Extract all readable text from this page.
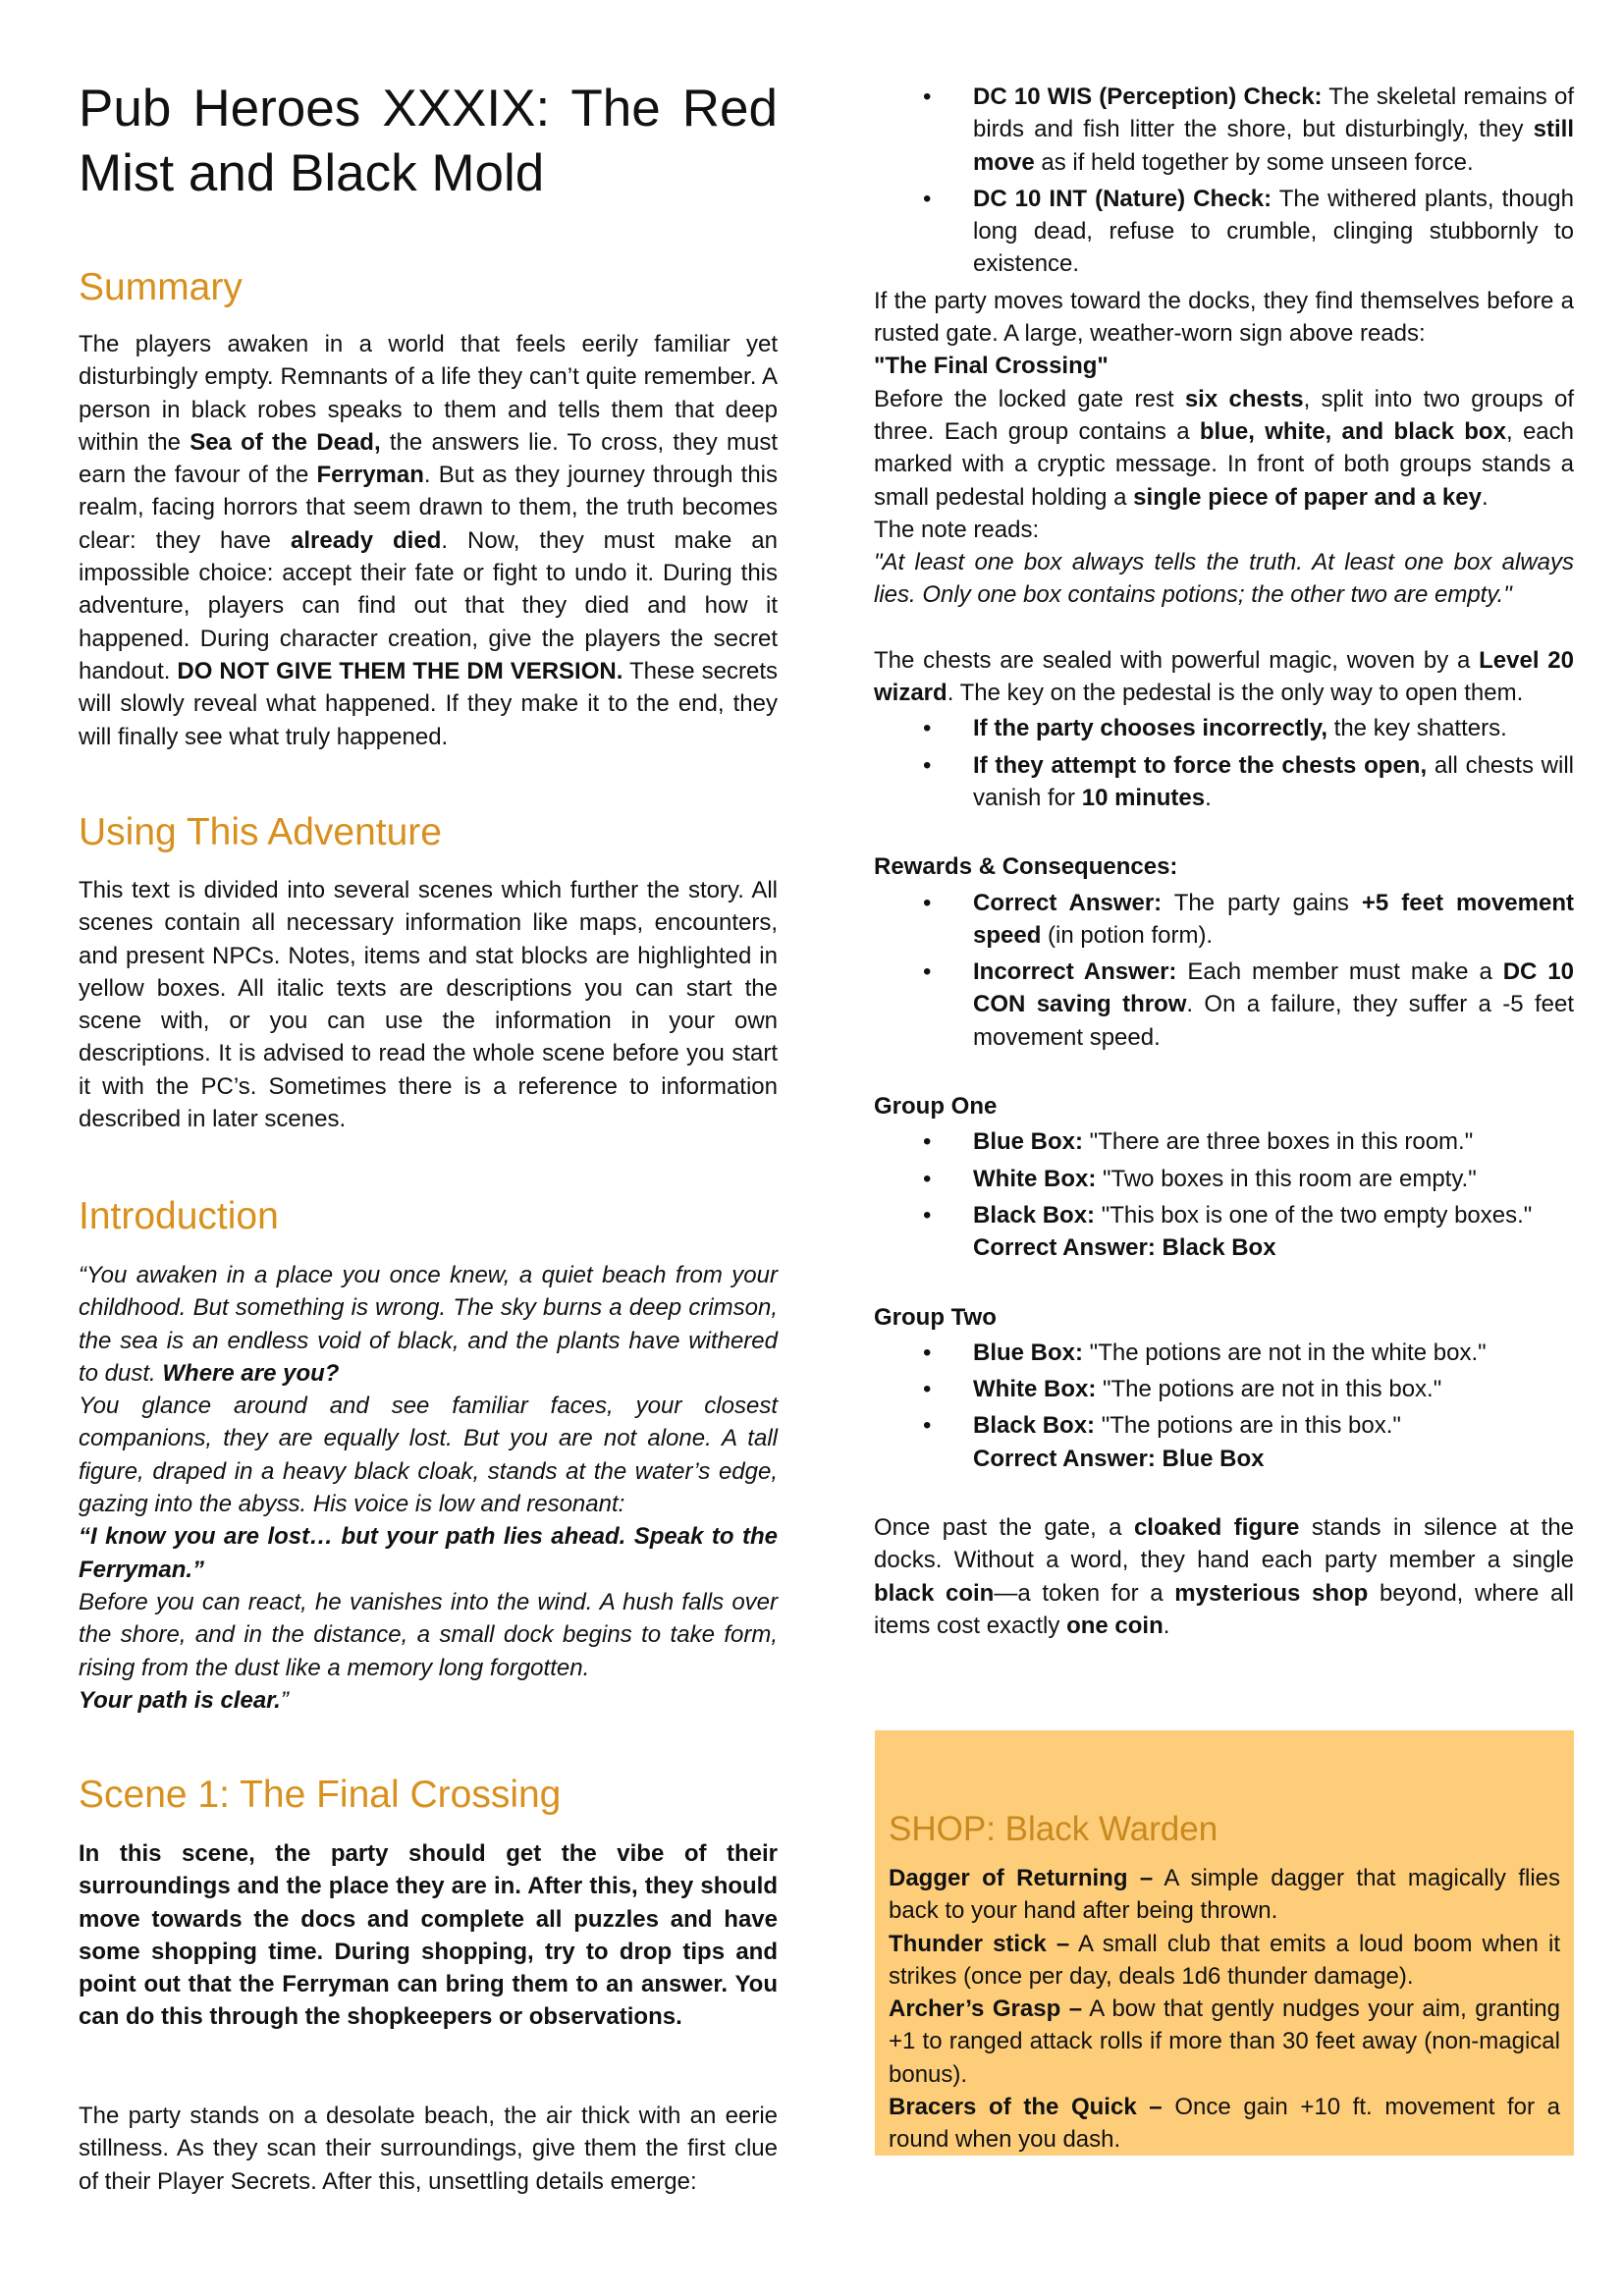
Pub Heroes XXXIX: The Red Mist and Black Mold
Summary

The players awaken in a world that feels eerily familiar yet disturbingly empty. Remnants of a life they can’t quite remember. A person in black robes speaks to them and tells them that deep within the Sea of the Dead, the answers lie. To cross, they must earn the favour of the Ferryman. But as they journey through this realm, facing horrors that seem drawn to them, the truth becomes clear: they have already died. Now, they must make an impossible choice: accept their fate or fight to undo it. During this adventure, players can find out that they died and how it happened. During character creation, give the players the secret handout. DO NOT GIVE THEM THE DM VERSION. These secrets will slowly reveal what happened. If they make it to the end, they will finally see what truly happened.

Using This Adventure

This text is divided into several scenes which further the story. All scenes contain all necessary information like maps, encounters, and present NPCs. Notes, items and stat blocks are highlighted in yellow boxes. All italic texts are descriptions you can start the scene with, or you can use the information in your own descriptions. It is advised to read the whole scene before you start it with the PC’s. Sometimes there is a reference to information described in later scenes.

Introduction

“You awaken in a place you once knew, a quiet beach from your childhood. But something is wrong. The sky burns a deep crimson, the sea is an endless void of black, and the plants have withered to dust. Where are you?

You glance around and see familiar faces, your closest companions, they are equally lost. But you are not alone. A tall figure, draped in a heavy black cloak, stands at the water’s edge, gazing into the abyss. His voice is low and resonant:

“I know you are lost… but your path lies ahead. Speak to the Ferryman.”

Before you can react, he vanishes into the wind. A hush falls over the shore, and in the distance, a small dock begins to take form, rising from the dust like a memory long forgotten.

Your path is clear.”

Scene 1: The Final Crossing

In this scene, the party should get the vibe of their surroundings and the place they are in. After this, they should move towards the docs and complete all puzzles and have some shopping time. During shopping, try to drop tips and point out that the Ferryman can bring them to an answer. You can do this through the shopkeepers or observations.

The party stands on a desolate beach, the air thick with an eerie stillness. As they scan their surroundings, give them the first clue of their Player Secrets. After this, unsettling details emerge:

• DC 10 WIS (Perception) Check: The skeletal remains of birds and fish litter the shore, but disturbingly, they still move as if held together by some unseen force.
• DC 10 INT (Nature) Check: The withered plants, though long dead, refuse to crumble, clinging stubbornly to existence.

If the party moves toward the docks, they find themselves before a rusted gate. A large, weather-worn sign above reads:

"The Final Crossing"

Before the locked gate rest six chests, split into two groups of three. Each group contains a blue, white, and black box, each marked with a cryptic message. In front of both groups stands a small pedestal holding a single piece of paper and a key.

The note reads:

"At least one box always tells the truth. At least one box always lies. Only one box contains potions; the other two are empty."

The chests are sealed with powerful magic, woven by a Level 20 wizard. The key on the pedestal is the only way to open them.

• If the party chooses incorrectly, the key shatters.
• If they attempt to force the chests open, all chests will vanish for 10 minutes.

Rewards & Consequences:

• Correct Answer: The party gains +5 feet movement speed (in potion form).
• Incorrect Answer: Each member must make a DC 10 CON saving throw. On a failure, they suffer a -5 feet movement speed.

Group One

• Blue Box: "There are three boxes in this room."
• White Box: "Two boxes in this room are empty."
• Black Box: "This box is one of the two empty boxes."
Correct Answer: Black Box

Group Two

• Blue Box: "The potions are not in the white box."
• White Box: "The potions are not in this box."
• Black Box: "The potions are in this box."
Correct Answer: Blue Box

Once past the gate, a cloaked figure stands in silence at the docks. Without a word, they hand each party member a single black coin—a token for a mysterious shop beyond, where all items cost exactly one coin.

SHOP: Black Warden

Dagger of Returning – A simple dagger that magically flies back to your hand after being thrown.

Thunder stick – A small club that emits a loud boom when it strikes (once per day, deals 1d6 thunder damage).

Archer’s Grasp – A bow that gently nudges your aim, granting +1 to ranged attack rolls if more than 30 feet away (non-magical bonus).

Bracers of the Quick – Once gain +10 ft. movement for a round when you dash.
